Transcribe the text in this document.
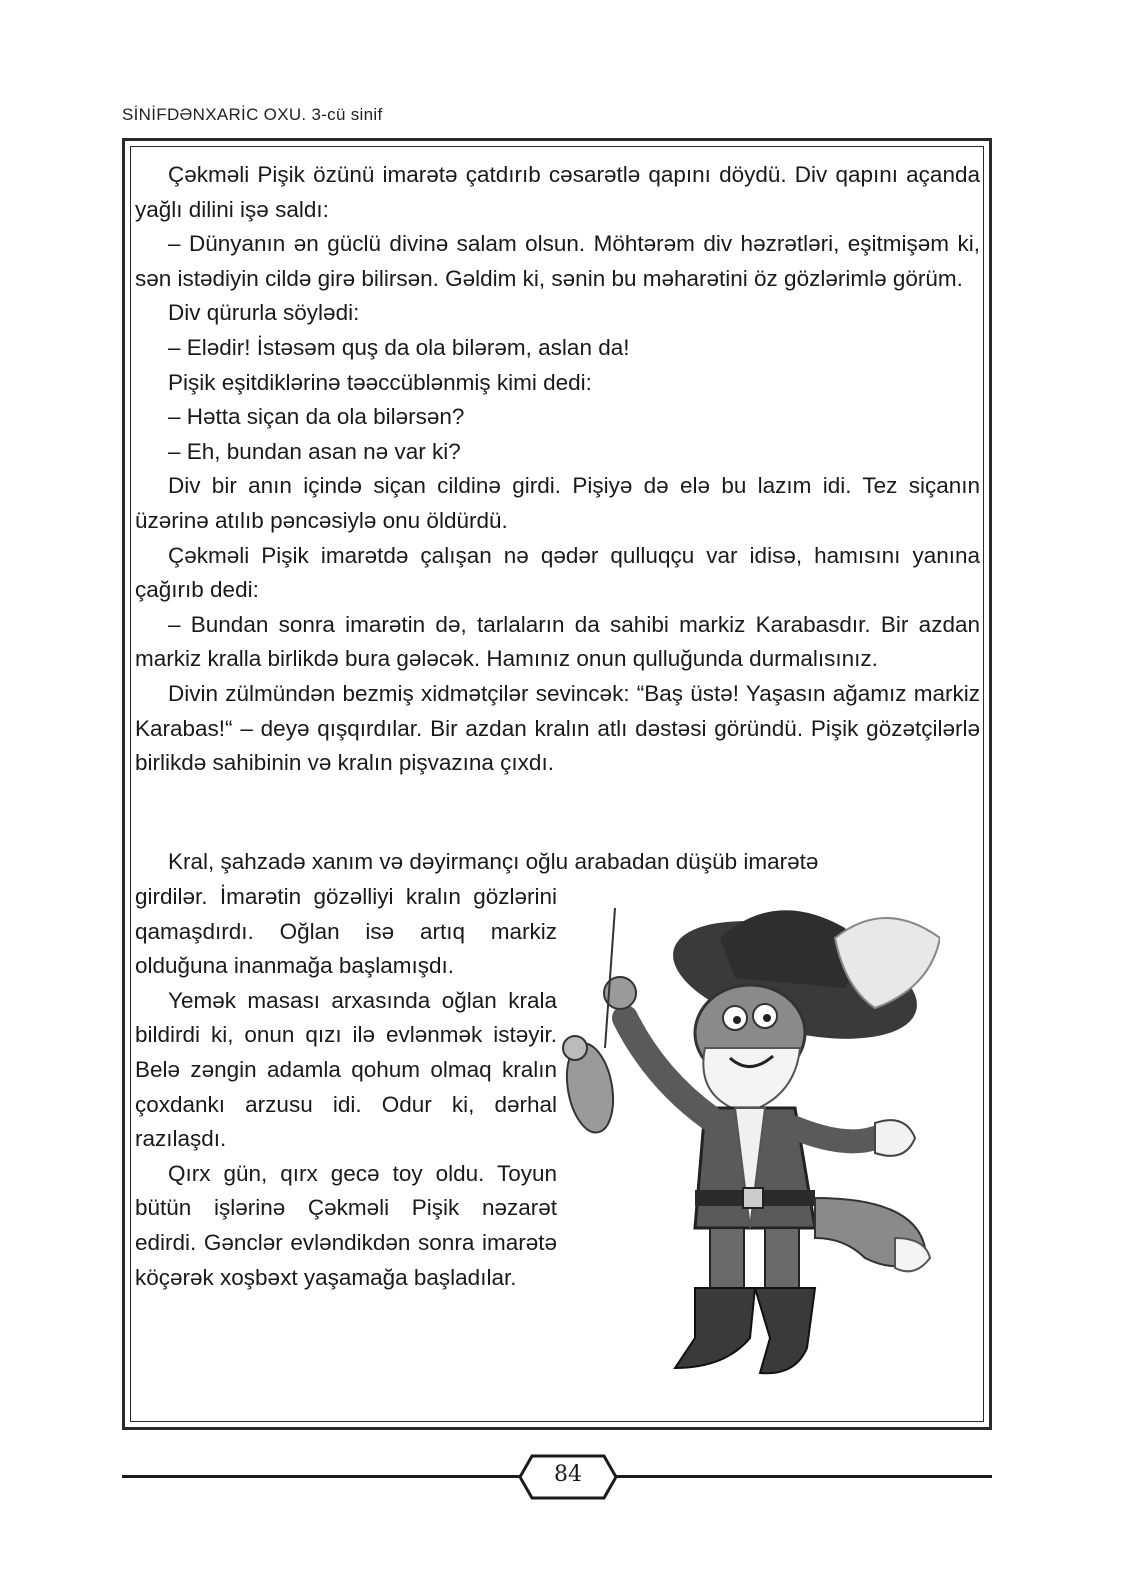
SİNİFDƏNXARİC OXU. 3-cü sinif

Çəkməli Pişik özünü imarətə çatdırıb cəsarətlə qapını döydü. Div qapını açanda yağlı dilini işə saldı:

– Dünyanın ən güclü divinə salam olsun. Möhtərəm div həzrətləri, eşitmişəm ki, sən istədiyin cildə girə bilirsən. Gəldim ki, sənin bu məharətini öz gözlərimlə görüm.

Div qürurla söylədi:

– Elədir! İstəsəm quş da ola bilərəm, aslan da!

Pişik eşitdiklərinə təəccüblənmiş kimi dedi:

– Hətta siçan da ola bilərsən?

– Eh, bundan asan nə var ki?

Div bir anın içində siçan cildinə girdi. Pişiyə də elə bu lazım idi. Tez siçanın üzərinə atılıb pəncəsiylə onu öldürdü.

Çəkməli Pişik imarətdə çalışan nə qədər qulluqçu var idisə, hamısını yanına çağırıb dedi:

– Bundan sonra imarətin də, tarlaların da sahibi markiz Karabasdır. Bir azdan markiz kralla birlikdə bura gələcək. Hamınız onun qulluğunda durmalısınız.

Divin zülmündən bezmiş xidmətçilər sevincək: “Baş üstə! Yaşasın ağamız markiz Karabas!“ – deyə qışqırdılar. Bir azdan kralın atlı dəstəsi göründü. Pişik gözətçilərlə birlikdə sahibinin və kralın pişvazına çıxdı.

Kral, şahzadə xanım və dəyirmançı oğlu arabadan düşüb imarətə

girdilər. İmarətin gözəlliyi kralın gözlərini qamaşdırdı. Oğlan isə artıq markiz olduğuna inanmağa başlamışdı.

Yemək masası arxasında oğlan krala bildirdi ki, onun qızı ilə evlənmək istəyir. Belə zəngin adamla qohum olmaq kralın çoxdankı arzusu idi. Odur ki, dərhal razılaşdı.

Qırx gün, qırx gecə toy oldu. Toyun bütün işlərinə Çəkməli Pişik nəzarət edirdi. Gənclər evləndikdən sonra imarətə köçərək xoşbəxt yaşamağa başladılar.

84
